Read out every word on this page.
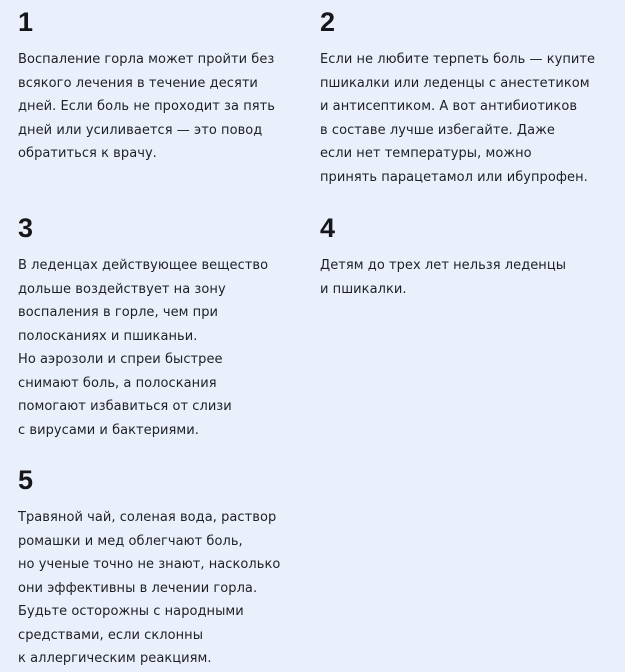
1
Воспаление горла может пройти без
всякого лечения в течение десяти
дней. Если боль не проходит за пять
дней или усиливается — это повод
обратиться к врачу.
2
Если не любите терпеть боль — купите
пшикалки или леденцы с анестетиком
и антисептиком. А вот антибиотиков
в составе лучше избегайте. Даже
если нет температуры, можно
принять парацетамол или ибупрофен.
3
В леденцах действующее вещество
дольше воздействует на зону
воспаления в горле, чем при
полосканиях и пшиканьи.
Но аэрозоли и спреи быстрее
снимают боль, а полоскания
помогают избавиться от слизи
с вирусами и бактериями.
4
Детям до трех лет нельзя леденцы
и пшикалки.
5
Травяной чай, соленая вода, раствор
ромашки и мед облегчают боль,
но ученые точно не знают, насколько
они эффективны в лечении горла.
Будьте осторожны с народными
средствами, если склонны
к аллергическим реакциям.
